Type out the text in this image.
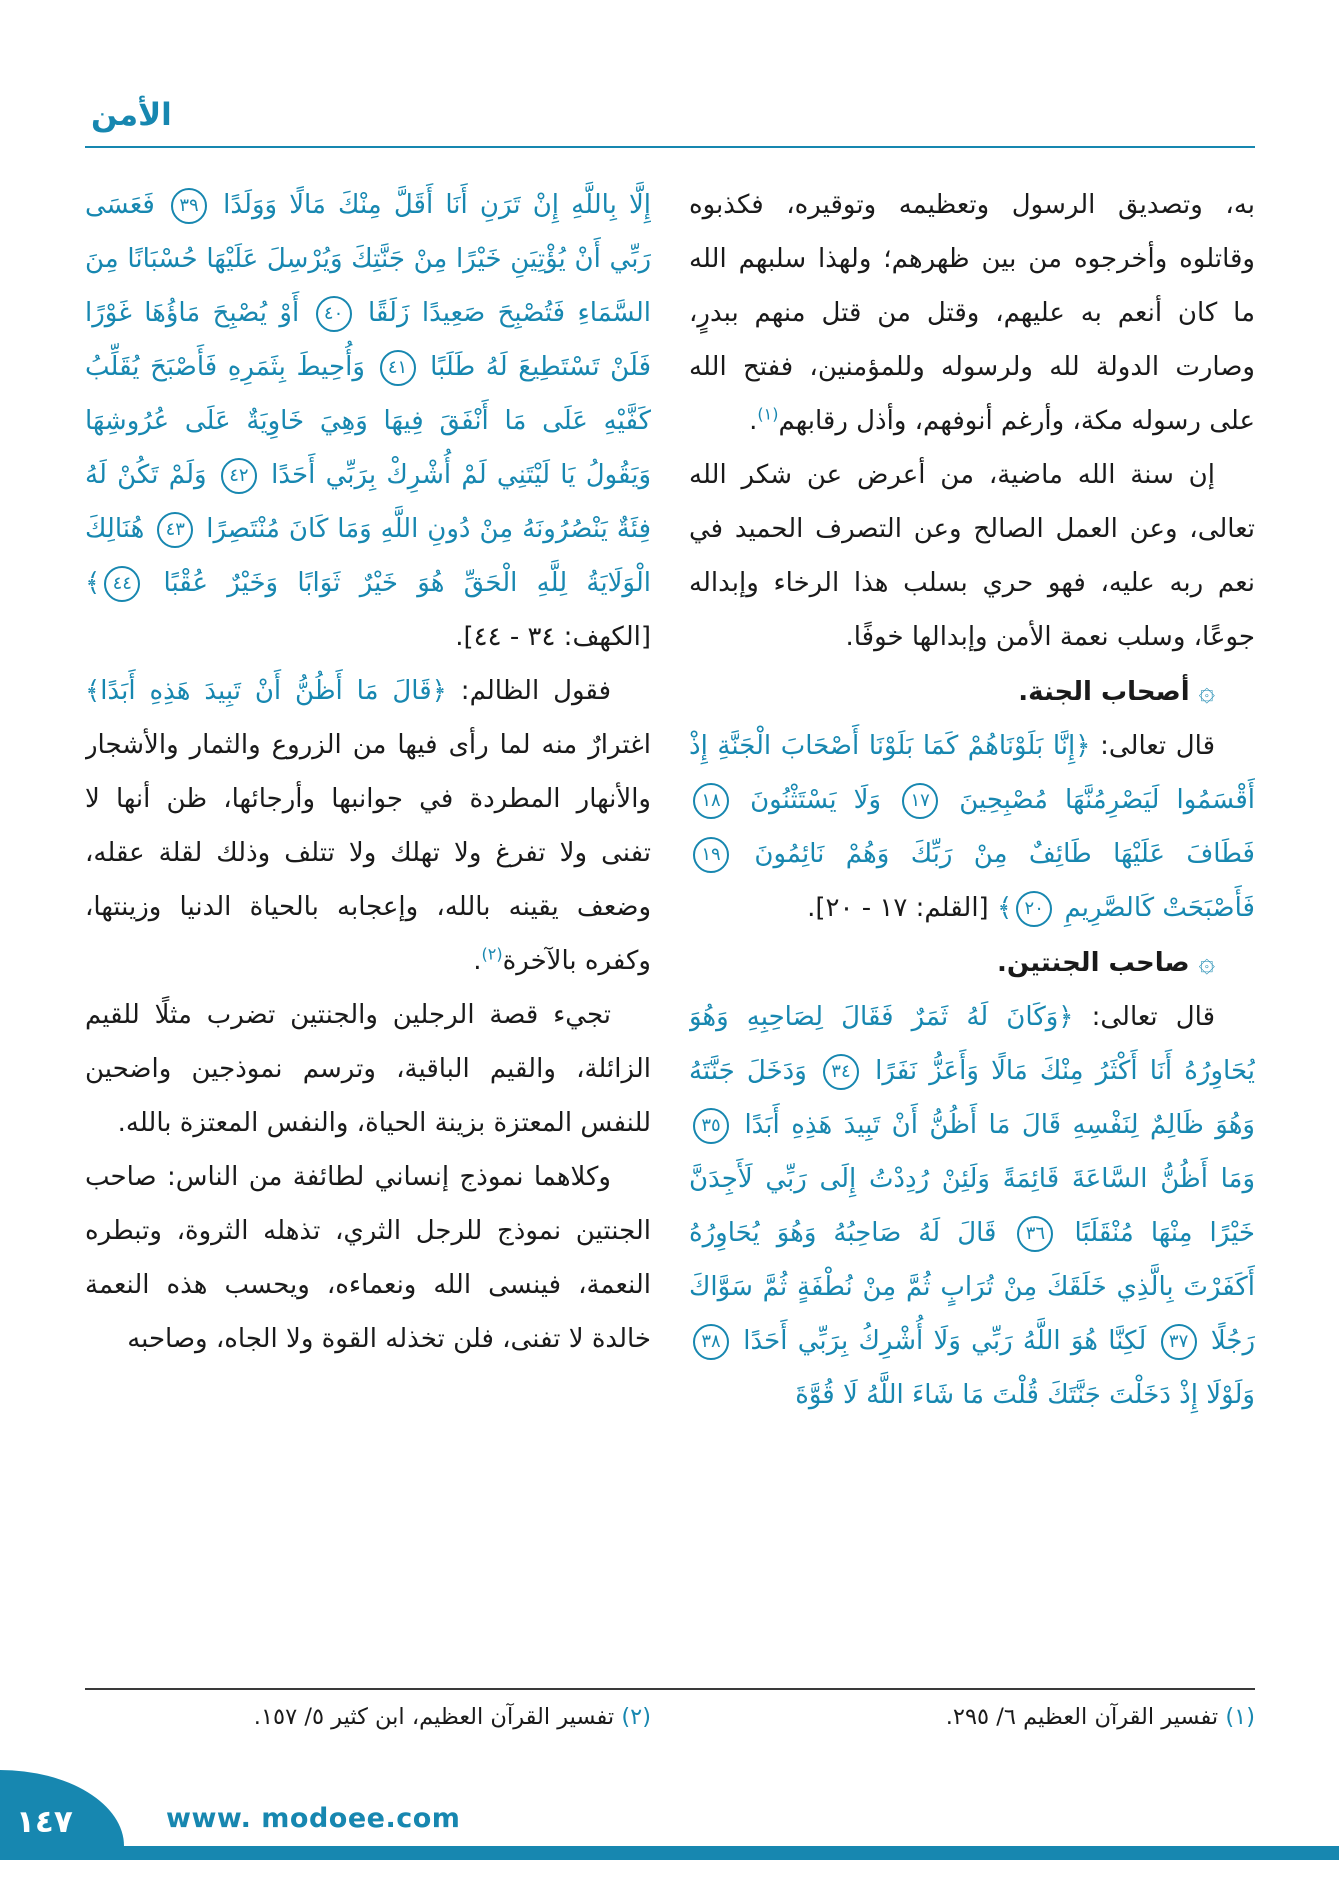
الأمن

به، وتصديق الرسول وتعظيمه وتوقيره، فكذبوه وقاتلوه وأخرجوه من بين ظهرهم؛ ولهذا سلبهم الله ما كان أنعم به عليهم، وقتل من قتل منهم ببدرٍ، وصارت الدولة لله ولرسوله وللمؤمنين، ففتح الله على رسوله مكة، وأرغم أنوفهم، وأذل رقابهم$^{(١)}$.

إن سنة الله ماضية، من أعرض عن شكر الله تعالى، وعن العمل الصالح وعن التصرف الحميد في نعم ربه عليه، فهو حري بسلب هذا الرخاء وإبداله جوعًا، وسلب نعمة الأمن وإبدالها خوفًا.

۞ أصحاب الجنة.

قال تعالى: ﴿إِنَّا بَلَوْنَاهُمْ كَمَا بَلَوْنَا أَصْحَابَ الْجَنَّةِ إِذْ أَقْسَمُوا لَيَصْرِمُنَّهَا مُصْبِحِينَ ١٧ وَلَا يَسْتَثْنُونَ ١٨ فَطَافَ عَلَيْهَا طَائِفٌ مِنْ رَبِّكَ وَهُمْ نَائِمُونَ ١٩ فَأَصْبَحَتْ كَالصَّرِيمِ ٢٠﴾ [القلم: ١٧ - ٢٠].

۞ صاحب الجنتين.

قال تعالى: ﴿وَكَانَ لَهُ ثَمَرٌ فَقَالَ لِصَاحِبِهِ وَهُوَ يُحَاوِرُهُ أَنَا أَكْثَرُ مِنْكَ مَالًا وَأَعَزُّ نَفَرًا ٣٤ وَدَخَلَ جَنَّتَهُ وَهُوَ ظَالِمٌ لِنَفْسِهِ قَالَ مَا أَظُنُّ أَنْ تَبِيدَ هَذِهِ أَبَدًا ٣٥ وَمَا أَظُنُّ السَّاعَةَ قَائِمَةً وَلَئِنْ رُدِدْتُ إِلَى رَبِّي لَأَجِدَنَّ خَيْرًا مِنْهَا مُنْقَلَبًا ٣٦ قَالَ لَهُ صَاحِبُهُ وَهُوَ يُحَاوِرُهُ أَكَفَرْتَ بِالَّذِي خَلَقَكَ مِنْ تُرَابٍ ثُمَّ مِنْ نُطْفَةٍ ثُمَّ سَوَّاكَ رَجُلًا ٣٧ لَكِنَّا هُوَ اللَّهُ رَبِّي وَلَا أُشْرِكُ بِرَبِّي أَحَدًا ٣٨ وَلَوْلَا إِذْ دَخَلْتَ جَنَّتَكَ قُلْتَ مَا شَاءَ اللَّهُ لَا قُوَّةَ

إِلَّا بِاللَّهِ إِنْ تَرَنِ أَنَا أَقَلَّ مِنْكَ مَالًا وَوَلَدًا ٣٩ فَعَسَى رَبِّي أَنْ يُؤْتِيَنِ خَيْرًا مِنْ جَنَّتِكَ وَيُرْسِلَ عَلَيْهَا حُسْبَانًا مِنَ السَّمَاءِ فَتُصْبِحَ صَعِيدًا زَلَقًا ٤٠ أَوْ يُصْبِحَ مَاؤُهَا غَوْرًا فَلَنْ تَسْتَطِيعَ لَهُ طَلَبًا ٤١ وَأُحِيطَ بِثَمَرِهِ فَأَصْبَحَ يُقَلِّبُ كَفَّيْهِ عَلَى مَا أَنْفَقَ فِيهَا وَهِيَ خَاوِيَةٌ عَلَى عُرُوشِهَا وَيَقُولُ يَا لَيْتَنِي لَمْ أُشْرِكْ بِرَبِّي أَحَدًا ٤٢ وَلَمْ تَكُنْ لَهُ فِئَةٌ يَنْصُرُونَهُ مِنْ دُونِ اللَّهِ وَمَا كَانَ مُنْتَصِرًا ٤٣ هُنَالِكَ الْوَلَايَةُ لِلَّهِ الْحَقِّ هُوَ خَيْرٌ ثَوَابًا وَخَيْرٌ عُقْبًا ٤٤﴾ [الكهف: ٣٤ - ٤٤].

فقول الظالم: ﴿قَالَ مَا أَظُنُّ أَنْ تَبِيدَ هَذِهِ أَبَدًا﴾ اغترارٌ منه لما رأى فيها من الزروع والثمار والأشجار والأنهار المطردة في جوانبها وأرجائها، ظن أنها لا تفنى ولا تفرغ ولا تهلك ولا تتلف وذلك لقلة عقله، وضعف يقينه بالله، وإعجابه بالحياة الدنيا وزينتها، وكفره بالآخرة$^{(٢)}$.

تجيء قصة الرجلين والجنتين تضرب مثلًا للقيم الزائلة، والقيم الباقية، وترسم نموذجين واضحين للنفس المعتزة بزينة الحياة، والنفس المعتزة بالله.

وكلاهما نموذج إنساني لطائفة من الناس: صاحب الجنتين نموذج للرجل الثري، تذهله الثروة، وتبطره النعمة، فينسى الله ونعماءه، ويحسب هذه النعمة خالدة لا تفنى، فلن تخذله القوة ولا الجاه، وصاحبه

(١) تفسير القرآن العظيم ٦/ ٢٩٥.
(٢) تفسير القرآن العظيم، ابن كثير ٥/ ١٥٧.
١٤٧	www. modoee.com
